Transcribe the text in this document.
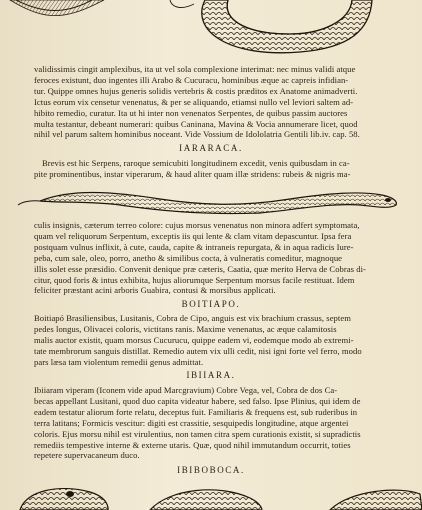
validissimis cingit amplexibus, ita ut vel sola complexione interimat: nec minus validi atque
feroces existunt, duo ingentes illi Arabo & Cucuracu, hominibus æque ac capreis infidian-
tur. Quippe omnes hujus generis solidis vertebris & costis præditos ex Anatome animadverti.
Ictus eorum vix censetur venenatus, & per se aliquando, etiamsi nullo vel leviori saltem ad-
hibito remedio, curatur. Ita ut hi inter non venenatos Serpentes, de quibus passim auctores
multa testantur, debeant numerari: quibus Caninana, Mavina & Vocia annumerare licet, quod
nihil vel parum saltem hominibus noceant. Vide Vossium de Idololatria Gentili lib.iv. cap. 58.
IARARACA.
Brevis est hic Serpens, raroque semicubiti longitudinem excedit, venis quibusdam in ca-
pite prominentibus, instar viperarum, & haud aliter quam illæ stridens: rubeis & nigris ma-
culis insignis, cæterum terreo colore: cujus morsus venenatus non minora adfert symptomata,
quam vel reliquorum Serpentum, exceptis iis qui lente & clam vitam depascuntur. Ipsa fera
postquam vulnus inflixit, à cute, cauda, capite & intraneis repurgata, & in aqua radicis Iure-
peba, cum sale, oleo, porro, anetho & similibus cocta, à vulneratis comeditur, magnoque
illis solet esse præsidio. Convenit denique præ cæteris, Caatia, quæ merito Herva de Cobras di-
citur, quod foris & intus exhibita, hujus aliorumque Serpentum morsus facile restituat. Idem
feliciter præstant acini arboris Guabira, contusi & morsibus applicati.
BOITIAPO.
Boitiapó Brasiliensibus, Lusitanis, Cobra de Cipo, anguis est vix brachium crassus, septem
pedes longus, Olivacei coloris, victitans ranis. Maxime venenatus, ac æque calamitosis
malis auctor existit, quam morsus Cucurucu, quippe eadem vi, eodemque modo ab extremi-
tate membrorum sanguis distillat. Remedio autem vix ulli cedit, nisi igni forte vel ferro, modo
pars læsa tam violentum remedii genus admittat.
IBIIARA.
Ibiiaram viperam (Iconem vide apud Marcgravium) Cobre Vega, vel, Cobra de dos Ca-
becas appellant Lusitani, quod duo capita videatur habere, sed falso. Ipse Plinius, qui idem de
eadem testatur aliorum forte relatu, deceptus fuit. Familiaris & frequens est, sub ruderibus in
terra latitans; Formicis vescitur: digiti est crassitie, sesquipedis longitudine, atque argentei
coloris. Ejus morsu nihil est virulentius, non tamen citra spem curationis existit, si supradictis
remediis tempestive interne & externe utaris. Quæ, quod nihil immutandum occurrit, toties
repetere supervacaneum duco.
IBIBOBOCA.
